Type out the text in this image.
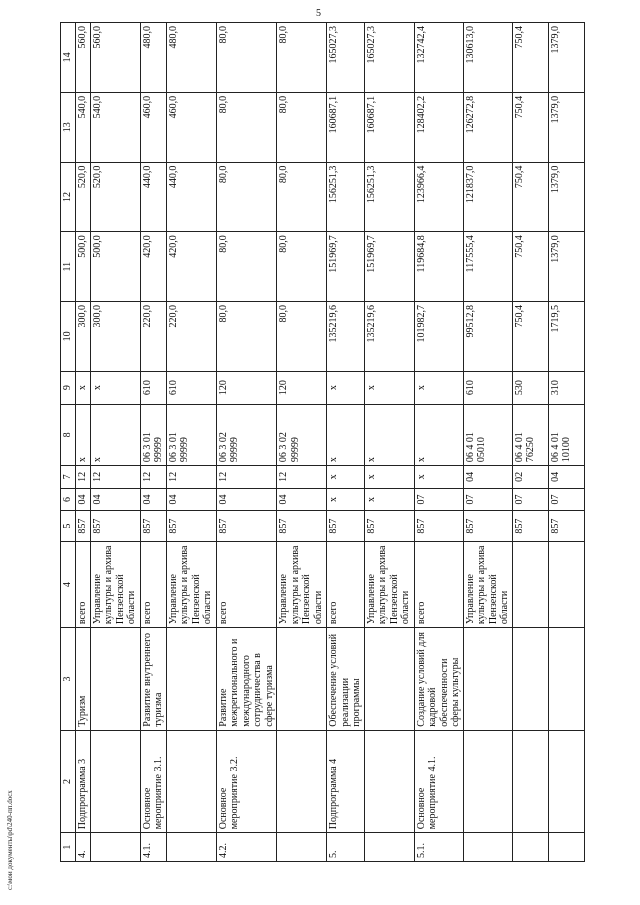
5
1	2	3	4	5	6	7	8	9	10	11	12	13	14
4.	Подпрограмма 3	Туризм	всего	857	04	12	х	х	300,0	500,0	520,0	540,0	560,0
			Управление культуры и архива Пензенской области	857	04	12	х	х	300,0	500,0	520,0	540,0	560,0
4.1.	Основное мероприятие 3.1.	Развитие внутреннего туризма	всего	857	04	12	06 3 01 99999	610	220,0	420,0	440,0	460,0	480,0
			Управление культуры и архива Пензенской области	857	04	12	06 3 01 99999	610	220,0	420,0	440,0	460,0	480,0
4.2.	Основное мероприятие 3.2.	Развитие межрегионального и международного сотрудничества в сфере туризма	всего	857	04	12	06 3 02 99999	120	80,0	80,0	80,0	80,0	80,0
			Управление культуры и архива Пензенской области	857	04	12	06 3 02 99999	120	80,0	80,0	80,0	80,0	80,0
5.	Подпрограмма 4	Обеспечение условий реализации программы	всего	857	х	х	х	х	135219,6	151969,7	156251,3	160687,1	165027,3
			Управление культуры и архива Пензенской области	857	х	х	х	х	135219,6	151969,7	156251,3	160687,1	165027,3
5.1.	Основное мероприятие 4.1.	Создание условий для кадровой обеспеченности сферы культуры	всего	857	07	х	х	х	101982,7	119684,8	123966,4	128402,2	132742,4
			Управление культуры и архива Пензенской области	857	07	04	06 4 01 05010	610	99512,8	117555,4	121837,0	126272,8	130613,0
				857	07	02	06 4 01 76250	530	750,4	750,4	750,4	750,4	750,4
				857	07	04	06 4 01 10100	310	1719,5	1379,0	1379,0	1379,0	1379,0
c:\мои документы\pd\240-пп.docx
